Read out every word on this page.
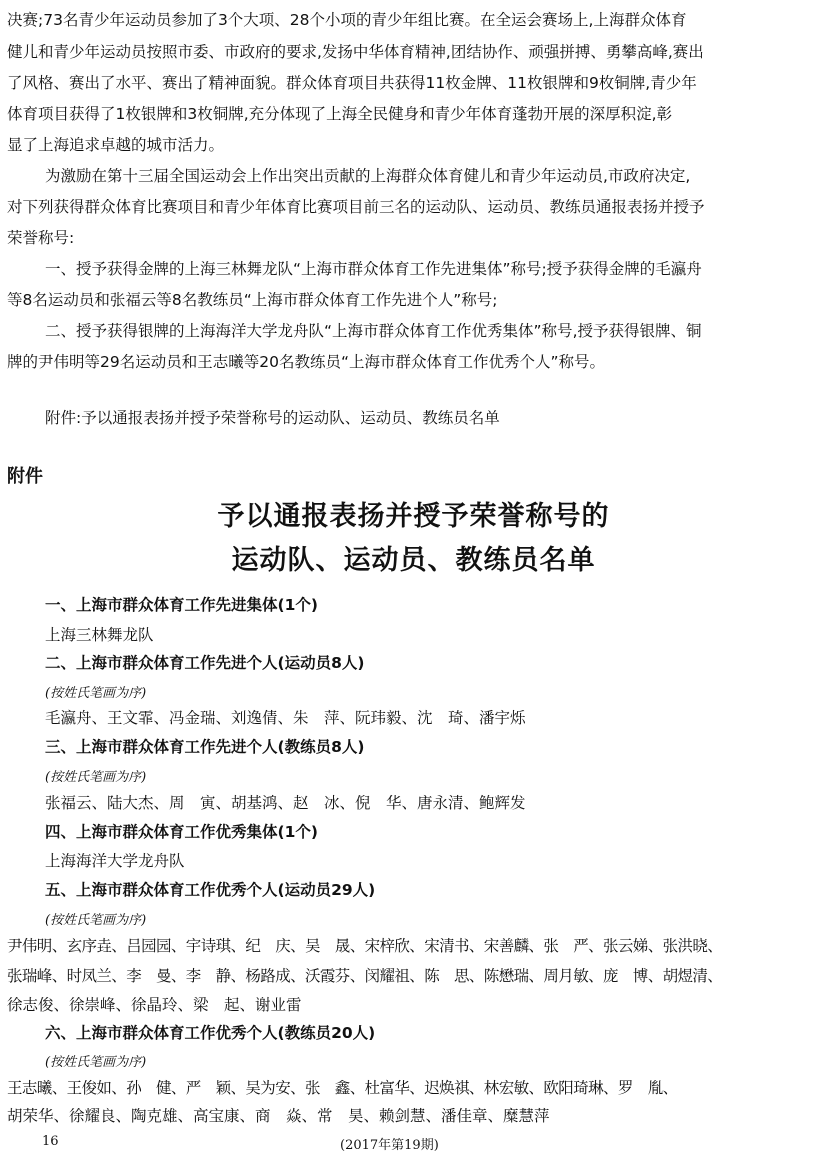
决赛;73名青少年运动员参加了3个大项、28个小项的青少年组比赛。在全运会赛场上,上海群众体育
健儿和青少年运动员按照市委、市政府的要求,发扬中华体育精神,团结协作、顽强拼搏、勇攀高峰,赛出
了风格、赛出了水平、赛出了精神面貌。群众体育项目共获得11枚金牌、11枚银牌和9枚铜牌,青少年
体育项目获得了1枚银牌和3枚铜牌,充分体现了上海全民健身和青少年体育蓬勃开展的深厚积淀,彰
显了上海追求卓越的城市活力。
为激励在第十三届全国运动会上作出突出贡献的上海群众体育健儿和青少年运动员,市政府决定,
对下列获得群众体育比赛项目和青少年体育比赛项目前三名的运动队、运动员、教练员通报表扬并授予
荣誉称号:
一、授予获得金牌的上海三林舞龙队“上海市群众体育工作先进集体”称号;授予获得金牌的毛瀛舟
等8名运动员和张福云等8名教练员“上海市群众体育工作先进个人”称号;
二、授予获得银牌的上海海洋大学龙舟队“上海市群众体育工作优秀集体”称号,授予获得银牌、铜
牌的尹伟明等29名运动员和王志曦等20名教练员“上海市群众体育工作优秀个人”称号。
附件:予以通报表扬并授予荣誉称号的运动队、运动员、教练员名单
附件
予以通报表扬并授予荣誉称号的
运动队、运动员、教练员名单
一、上海市群众体育工作先进集体(1个)
上海三林舞龙队
二、上海市群众体育工作先进个人(运动员8人)
(按姓氏笔画为序)
毛瀛舟、王文霏、冯金瑞、刘逸倩、朱　萍、阮玮毅、沈　琦、潘宇烁
三、上海市群众体育工作先进个人(教练员8人)
(按姓氏笔画为序)
张福云、陆大杰、周　寅、胡基鸿、赵　冰、倪　华、唐永清、鲍辉发
四、上海市群众体育工作优秀集体(1个)
上海海洋大学龙舟队
五、上海市群众体育工作优秀个人(运动员29人)
(按姓氏笔画为序)
尹伟明、玄序垚、吕园园、宇诗琪、纪　庆、吴　晟、宋梓欣、宋清书、宋善麟、张　严、张云娣、张洪晓、
张瑞峰、时凤兰、李　曼、李　静、杨路成、沃霞芬、闵耀祖、陈　思、陈懋瑞、周月敏、庞　博、胡煜清、
徐志俊、徐崇峰、徐晶玲、梁　起、谢业雷
六、上海市群众体育工作优秀个人(教练员20人)
(按姓氏笔画为序)
王志曦、王俊如、孙　健、严　颖、吴为安、张　鑫、杜富华、迟焕祺、林宏敏、欧阳琦琳、罗　胤、
胡荣华、徐耀良、陶克雄、高宝康、商　焱、常　昊、赖剑慧、潘佳章、糜慧萍
16	(2017年第19期)
